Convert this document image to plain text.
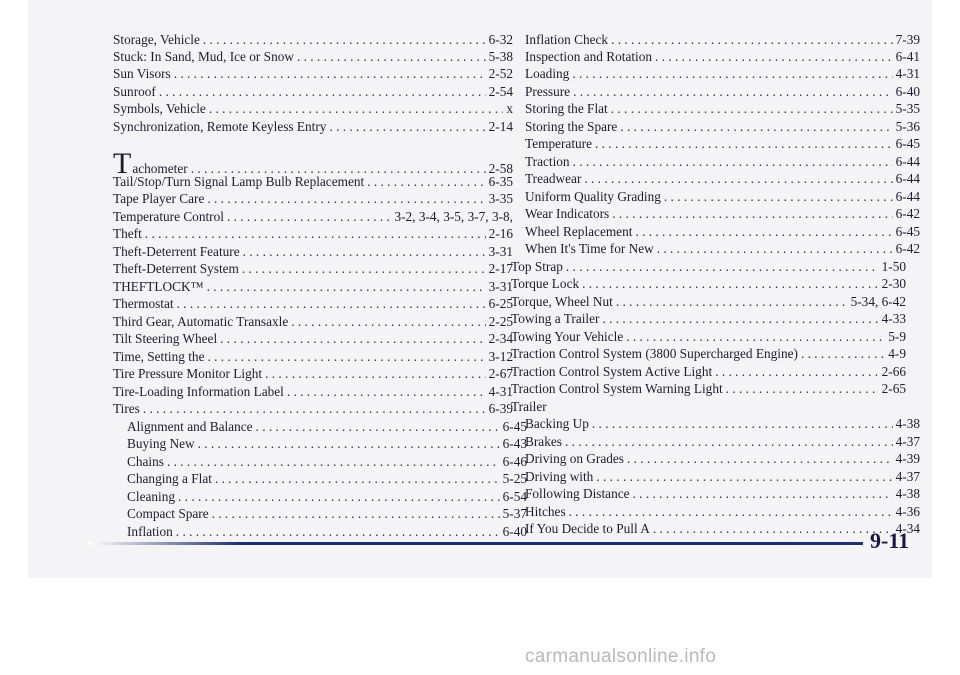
Storage, Vehicle . . .	6-32
Stuck: In Sand, Mud, Ice or Snow . . .	5-38
Sun Visors . . .	2-52
Sunroof . . .	2-54
Symbols, Vehicle . . .	x
Synchronization, Remote Keyless Entry . . .	2-14
Tachometer . . .	2-58
Tail/Stop/Turn Signal Lamp Bulb Replacement . . .	6-35
Tape Player Care . . .	3-35
Temperature Control . . .	3-2, 3-4, 3-5, 3-7, 3-8,
Theft . . .	2-16
Theft-Deterrent Feature . . .	3-31
Theft-Deterrent System . . .	2-17
THEFTLOCK™ . . .	3-31
Thermostat . . .	6-25
Third Gear, Automatic Transaxle . . .	2-25
Tilt Steering Wheel . . .	2-34
Time, Setting the . . .	3-12
Tire Pressure Monitor Light . . .	2-67
Tire-Loading Information Label . . .	4-31
Tires . . .	6-39
Alignment and Balance . . .	6-45
Buying New . . .	6-43
Chains . . .	6-46
Changing a Flat . . .	5-25
Cleaning . . .	6-54
Compact Spare . . .	5-37
Inflation . . .	6-40
Inflation Check . . .	7-39
Inspection and Rotation . . .	6-41
Loading . . .	4-31
Pressure . . .	6-40
Storing the Flat . . .	5-35
Storing the Spare . . .	5-36
Temperature . . .	6-45
Traction . . .	6-44
Treadwear . . .	6-44
Uniform Quality Grading . . .	6-44
Wear Indicators . . .	6-42
Wheel Replacement . . .	6-45
When It's Time for New . . .	6-42
Top Strap . . .	1-50
Torque Lock . . .	2-30
Torque, Wheel Nut . . .	5-34, 6-42
Towing a Trailer . . .	4-33
Towing Your Vehicle . . .	5-9
Traction Control System (3800 Supercharged Engine) . . .	4-9
Traction Control System Active Light . . .	2-66
Traction Control System Warning Light . . .	2-65
Trailer
Backing Up . . .	4-38
Brakes . . .	4-37
Driving on Grades . . .	4-39
Driving with . . .	4-37
Following Distance . . .	4-38
Hitches . . .	4-36
If You Decide to Pull A . . .	4-34
9-11
carmanualsonline.info
